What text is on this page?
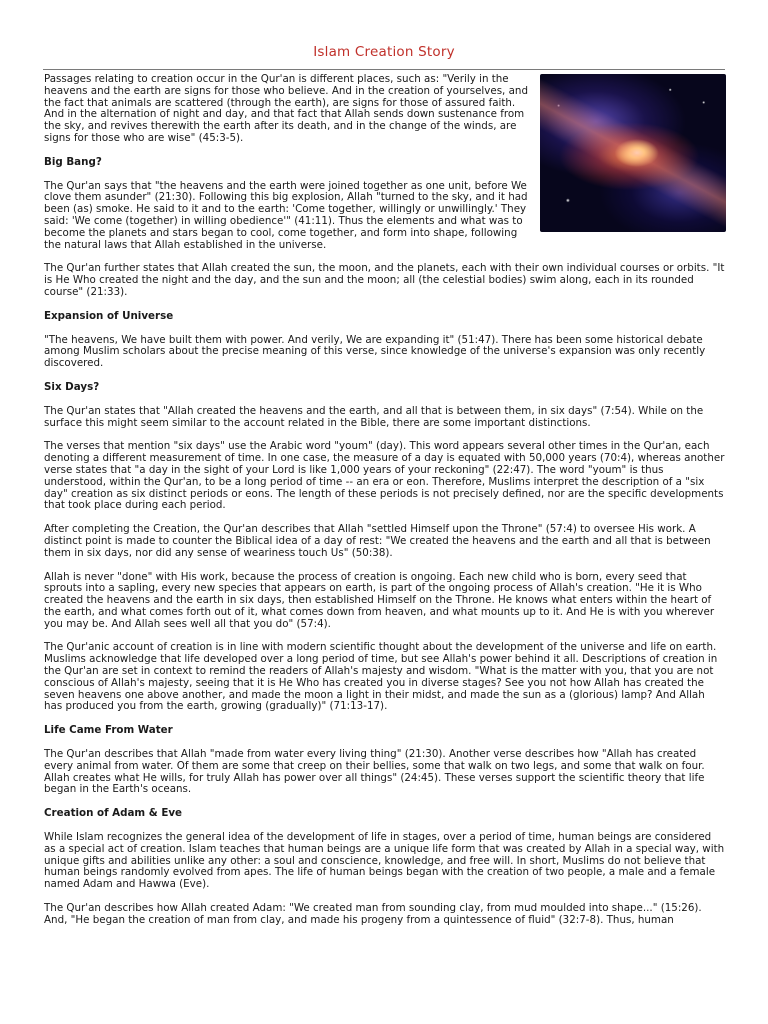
Islam Creation Story

Passages relating to creation occur in the Qur'an is different places, such as: "Verily in the heavens and the earth are signs for those who believe. And in the creation of yourselves, and the fact that animals are scattered (through the earth), are signs for those of assured faith. And in the alternation of night and day, and that fact that Allah sends down sustenance from the sky, and revives therewith the earth after its death, and in the change of the winds, are signs for those who are wise" (45:3-5).

Big Bang?

The Qur'an says that "the heavens and the earth were joined together as one unit, before We clove them asunder" (21:30). Following this big explosion, Allah "turned to the sky, and it had been (as) smoke. He said to it and to the earth: 'Come together, willingly or unwillingly.' They said: 'We come (together) in willing obedience'" (41:11). Thus the elements and what was to become the planets and stars began to cool, come together, and form into shape, following the natural laws that Allah established in the universe.

The Qur'an further states that Allah created the sun, the moon, and the planets, each with their own individual courses or orbits. "It is He Who created the night and the day, and the sun and the moon; all (the celestial bodies) swim along, each in its rounded course" (21:33).

Expansion of Universe

"The heavens, We have built them with power. And verily, We are expanding it" (51:47). There has been some historical debate among Muslim scholars about the precise meaning of this verse, since knowledge of the universe's expansion was only recently discovered.

Six Days?

The Qur'an states that "Allah created the heavens and the earth, and all that is between them, in six days" (7:54). While on the surface this might seem similar to the account related in the Bible, there are some important distinctions.

The verses that mention "six days" use the Arabic word "youm" (day). This word appears several other times in the Qur'an, each denoting a different measurement of time. In one case, the measure of a day is equated with 50,000 years (70:4), whereas another verse states that "a day in the sight of your Lord is like 1,000 years of your reckoning" (22:47). The word "youm" is thus understood, within the Qur'an, to be a long period of time -- an era or eon. Therefore, Muslims interpret the description of a "six day" creation as six distinct periods or eons. The length of these periods is not precisely defined, nor are the specific developments that took place during each period.

After completing the Creation, the Qur'an describes that Allah "settled Himself upon the Throne" (57:4) to oversee His work. A distinct point is made to counter the Biblical idea of a day of rest: "We created the heavens and the earth and all that is between them in six days, nor did any sense of weariness touch Us" (50:38).

Allah is never "done" with His work, because the process of creation is ongoing. Each new child who is born, every seed that sprouts into a sapling, every new species that appears on earth, is part of the ongoing process of Allah's creation. "He it is Who created the heavens and the earth in six days, then established Himself on the Throne. He knows what enters within the heart of the earth, and what comes forth out of it, what comes down from heaven, and what mounts up to it. And He is with you wherever you may be. And Allah sees well all that you do" (57:4).

The Qur'anic account of creation is in line with modern scientific thought about the development of the universe and life on earth. Muslims acknowledge that life developed over a long period of time, but see Allah's power behind it all. Descriptions of creation in the Qur'an are set in context to remind the readers of Allah's majesty and wisdom. "What is the matter with you, that you are not conscious of Allah's majesty, seeing that it is He Who has created you in diverse stages? See you not how Allah has created the seven heavens one above another, and made the moon a light in their midst, and made the sun as a (glorious) lamp? And Allah has produced you from the earth, growing (gradually)" (71:13-17).

Life Came From Water

The Qur'an describes that Allah "made from water every living thing" (21:30). Another verse describes how "Allah has created every animal from water. Of them are some that creep on their bellies, some that walk on two legs, and some that walk on four. Allah creates what He wills, for truly Allah has power over all things" (24:45). These verses support the scientific theory that life began in the Earth's oceans.

Creation of Adam & Eve

While Islam recognizes the general idea of the development of life in stages, over a period of time, human beings are considered as a special act of creation. Islam teaches that human beings are a unique life form that was created by Allah in a special way, with unique gifts and abilities unlike any other: a soul and conscience, knowledge, and free will. In short, Muslims do not believe that human beings randomly evolved from apes. The life of human beings began with the creation of two people, a male and a female named Adam and Hawwa (Eve).

The Qur'an describes how Allah created Adam: "We created man from sounding clay, from mud moulded into shape..." (15:26). And, "He began the creation of man from clay, and made his progeny from a quintessence of fluid" (32:7-8). Thus, human
